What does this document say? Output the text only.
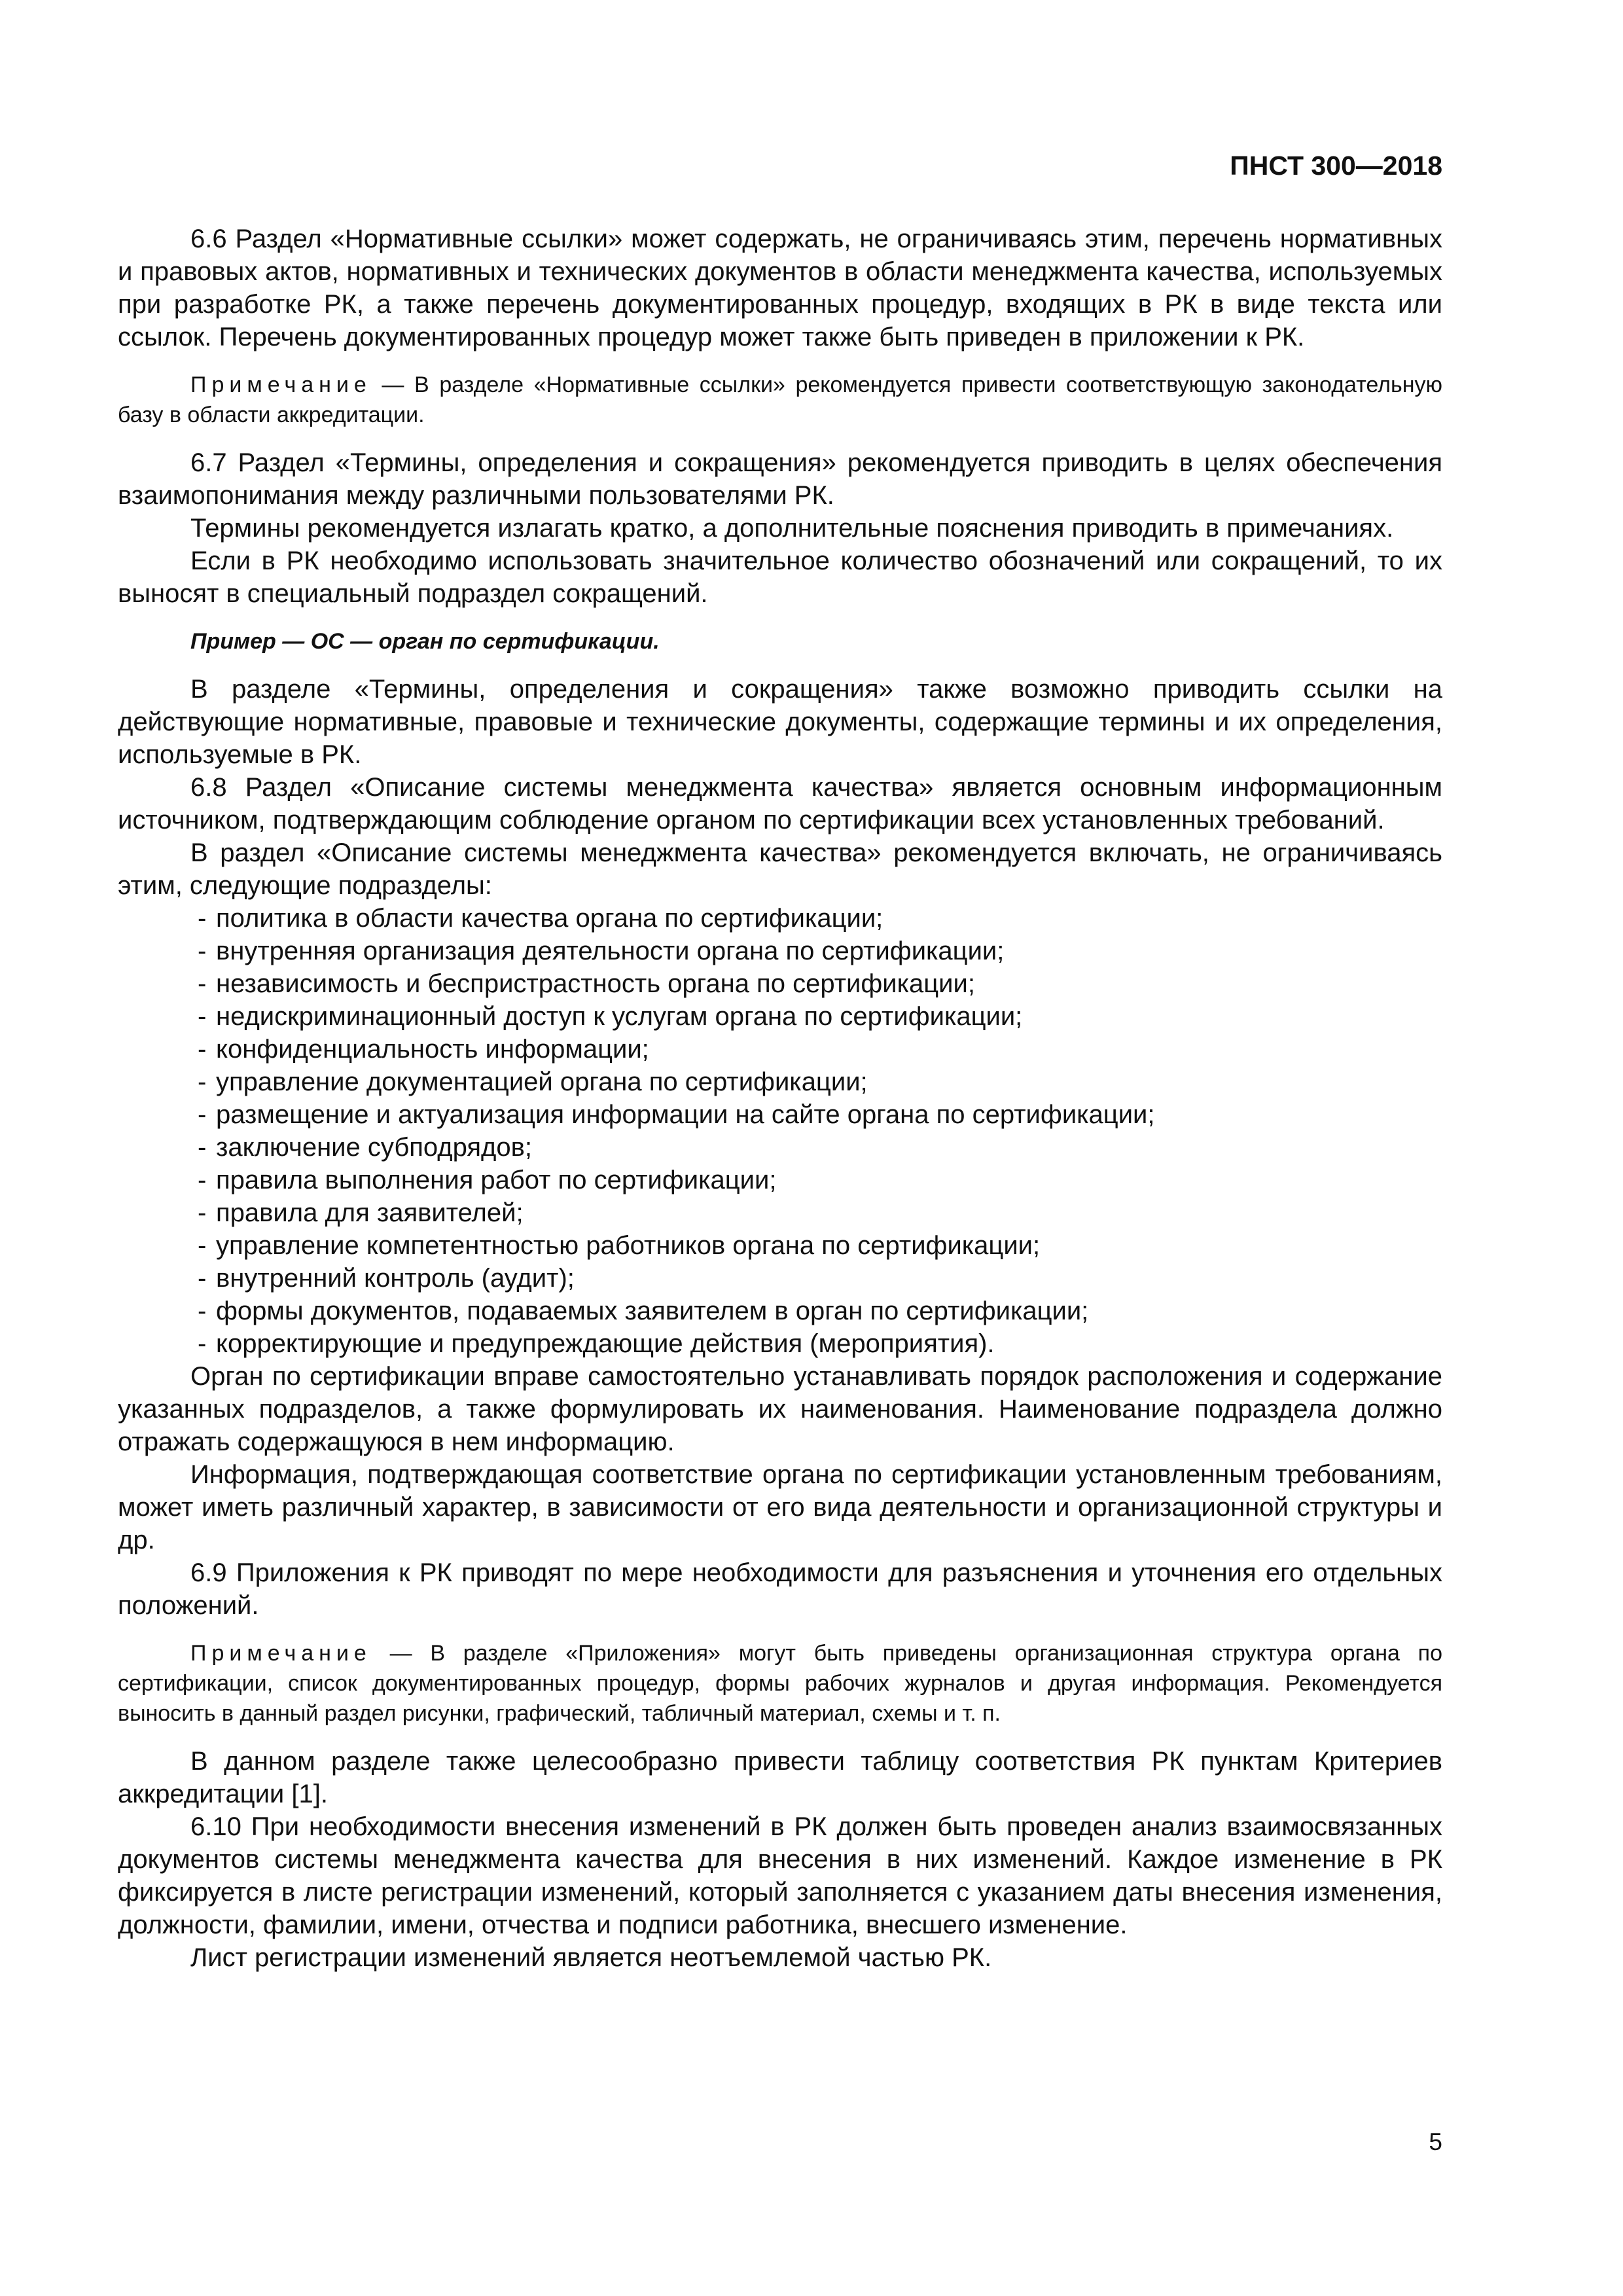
ПНСТ 300—2018

6.6 Раздел «Нормативные ссылки» может содержать, не ограничиваясь этим, перечень нормативных и правовых актов, нормативных и технических документов в области менеджмента качества, используемых при разработке РК, а также перечень документированных процедур, входящих в РК в виде текста или ссылок. Перечень документированных процедур может также быть приведен в приложении к РК.

Примечание — В разделе «Нормативные ссылки» рекомендуется привести соответствующую законодательную базу в области аккредитации.

6.7 Раздел «Термины, определения и сокращения» рекомендуется приводить в целях обеспечения взаимопонимания между различными пользователями РК.

Термины рекомендуется излагать кратко, а дополнительные пояснения приводить в примечаниях.

Если в РК необходимо использовать значительное количество обозначений или сокращений, то их выносят в специальный подраздел сокращений.

Пример — ОС — орган по сертификации.

В разделе «Термины, определения и сокращения» также возможно приводить ссылки на действующие нормативные, правовые и технические документы, содержащие термины и их определения, используемые в РК.

6.8 Раздел «Описание системы менеджмента качества» является основным информационным источником, подтверждающим соблюдение органом по сертификации всех установленных требований.

В раздел «Описание системы менеджмента качества» рекомендуется включать, не ограничиваясь этим, следующие подразделы:

- политика в области качества органа по сертификации;
- внутренняя организация деятельности органа по сертификации;
- независимость и беспристрастность органа по сертификации;
- недискриминационный доступ к услугам органа по сертификации;
- конфиденциальность информации;
- управление документацией органа по сертификации;
- размещение и актуализация информации на сайте органа по сертификации;
- заключение субподрядов;
- правила выполнения работ по сертификации;
- правила для заявителей;
- управление компетентностью работников органа по сертификации;
- внутренний контроль (аудит);
- формы документов, подаваемых заявителем в орган по сертификации;
- корректирующие и предупреждающие действия (мероприятия).

Орган по сертификации вправе самостоятельно устанавливать порядок расположения и содержание указанных подразделов, а также формулировать их наименования. Наименование подраздела должно отражать содержащуюся в нем информацию.

Информация, подтверждающая соответствие органа по сертификации установленным требованиям, может иметь различный характер, в зависимости от его вида деятельности и организационной структуры и др.

6.9 Приложения к РК приводят по мере необходимости для разъяснения и уточнения его отдельных положений.

Примечание — В разделе «Приложения» могут быть приведены организационная структура органа по сертификации, список документированных процедур, формы рабочих журналов и другая информация. Рекомендуется выносить в данный раздел рисунки, графический, табличный материал, схемы и т. п.

В данном разделе также целесообразно привести таблицу соответствия РК пунктам Критериев аккредитации [1].

6.10 При необходимости внесения изменений в РК должен быть проведен анализ взаимосвязанных документов системы менеджмента качества для внесения в них изменений. Каждое изменение в РК фиксируется в листе регистрации изменений, который заполняется с указанием даты внесения изменения, должности, фамилии, имени, отчества и подписи работника, внесшего изменение.

Лист регистрации изменений является неотъемлемой частью РК.

5
